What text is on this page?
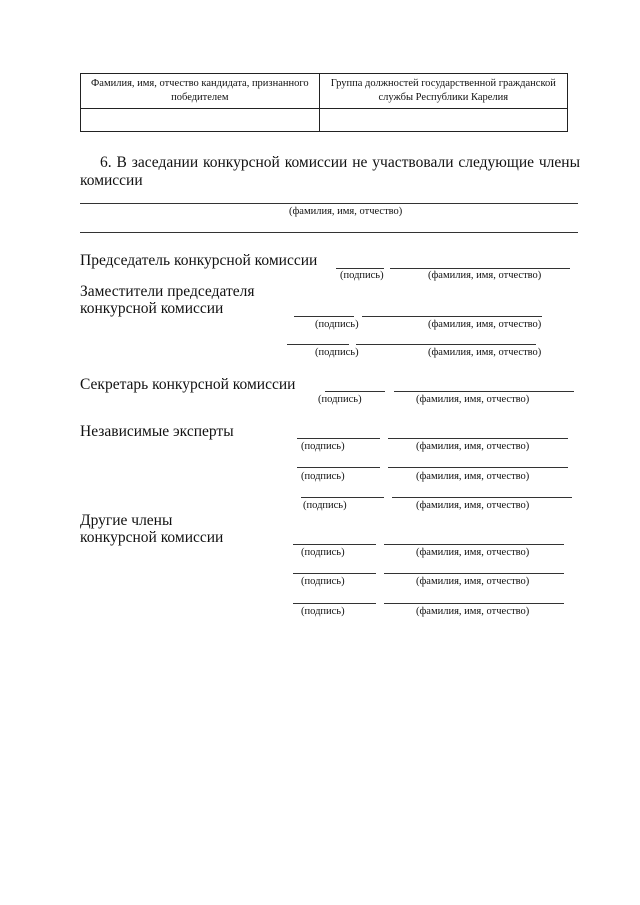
Фамилия, имя, отчество кандидата, признанного победителем	Группа должностей государственной гражданской службы Республики Карелия

6. В заседании конкурсной комиссии не участвовали следующие члены
комиссии
(фамилия, имя, отчество)
Председатель конкурсной комиссии
(подпись)	(фамилия, имя, отчество)
Заместители председателя
конкурсной комиссии
(подпись)	(фамилия, имя, отчество)
(подпись)	(фамилия, имя, отчество)
Секретарь конкурсной комиссии
(подпись)	(фамилия, имя, отчество)
Независимые эксперты
(подпись)	(фамилия, имя, отчество)
(подпись)	(фамилия, имя, отчество)
(подпись)	(фамилия, имя, отчество)
Другие члены
конкурсной комиссии
(подпись)	(фамилия, имя, отчество)
(подпись)	(фамилия, имя, отчество)
(подпись)	(фамилия, имя, отчество)
